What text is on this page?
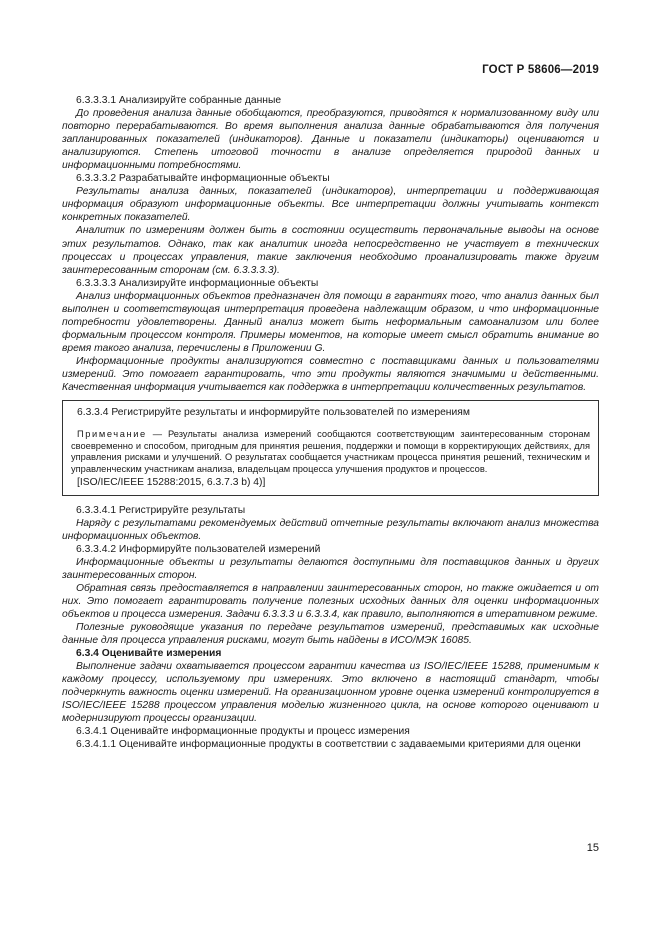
ГОСТ Р 58606—2019

6.3.3.3.1 Анализируйте собранные данные

До проведения анализа данные обобщаются, преобразуются, приводятся к нормализованному виду или повторно перерабатываются. Во время выполнения анализа данные обрабатываются для получения запланированных показателей (индикаторов). Данные и показатели (индикаторы) оцениваются и анализируются. Степень итоговой точности в анализе определяется природой данных и информационными потребностями.

6.3.3.3.2 Разрабатывайте информационные объекты

Результаты анализа данных, показателей (индикаторов), интерпретации и поддерживающая информация образуют информационные объекты. Все интерпретации должны учитывать контекст конкретных показателей.

Аналитик по измерениям должен быть в состоянии осуществить первоначальные выводы на основе этих результатов. Однако, так как аналитик иногда непосредственно не участвует в технических процессах и процессах управления, такие заключения необходимо проанализировать также другим заинтересованным сторонам (см. 6.3.3.3.3).

6.3.3.3.3 Анализируйте информационные объекты

Анализ информационных объектов предназначен для помощи в гарантиях того, что анализ данных был выполнен и соответствующая интерпретация проведена надлежащим образом, и что информационные потребности удовлетворены. Данный анализ может быть неформальным самоанализом или более формальным процессом контроля. Примеры моментов, на которые имеет смысл обратить внимание во время такого анализа, перечислены в Приложении G.

Информационные продукты анализируются совместно с поставщиками данных и пользователями измерений. Это помогает гарантировать, что эти продукты являются значимыми и действенными. Качественная информация учитывается как поддержка в интерпретации количественных результатов.

6.3.3.4 Регистрируйте результаты и информируйте пользователей по измерениям

Примечание — Результаты анализа измерений сообщаются соответствующим заинтересованным сторонам своевременно и способом, пригодным для принятия решения, поддержки и помощи в корректирующих действиях, для управления рисками и улучшений. О результатах сообщается участникам процесса принятия решений, техническим и управленческим участникам анализа, владельцам процесса улучшения продуктов и процессов.

[ISO/IEC/IEEE 15288:2015, 6.3.7.3 b) 4)]

6.3.3.4.1 Регистрируйте результаты

Наряду с результатами рекомендуемых действий отчетные результаты включают анализ множества информационных объектов.

6.3.3.4.2 Информируйте пользователей измерений

Информационные объекты и результаты делаются доступными для поставщиков данных и других заинтересованных сторон.

Обратная связь предоставляется в направлении заинтересованных сторон, но также ожидается и от них. Это помогает гарантировать получение полезных исходных данных для оценки информационных объектов и процесса измерения. Задачи 6.3.3.3 и 6.3.3.4, как правило, выполняются в итеративном режиме.

Полезные руководящие указания по передаче результатов измерений, представимых как исходные данные для процесса управления рисками, могут быть найдены в ИСО/МЭК 16085.

6.3.4 Оценивайте измерения

Выполнение задачи охватывается процессом гарантии качества из ISO/IEC/IEEE 15288, применимым к каждому процессу, используемому при измерениях. Это включено в настоящий стандарт, чтобы подчеркнуть важность оценки измерений. На организационном уровне оценка измерений контролируется в ISO/IEC/IEEE 15288 процессом управления моделью жизненного цикла, на основе которого оценивают и модернизируют процессы организации.

6.3.4.1 Оценивайте информационные продукты и процесс измерения

6.3.4.1.1 Оценивайте информационные продукты в соответствии с задаваемыми критериями для оценки

15
